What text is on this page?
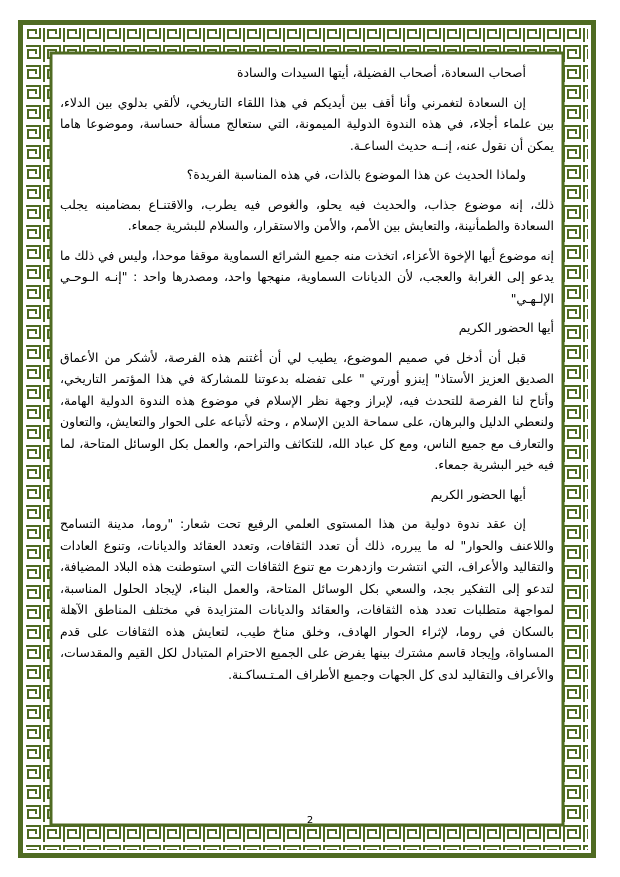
أصحاب السعادة، أصحاب الفضيلة، أيتها السيدات والسادة

إن السعادة لتغمرني وأنا أقف بين أيديكم في هذا اللقاء التاريخي، لألقي بدلوي بين الدلاء، بين علماء أجلاء، في هذه الندوة الدولية الميمونة، التي ستعالج مسألة حساسة، وموضوعا هاما يمكن أن نقول عنه، إنــه حديث الساعـة.

ولماذا الحديث عن هذا الموضوع بالذات، في هذه المناسبة الفريدة؟

ذلك، إنه موضوع جذاب، والحديث فيه يحلو، والغوص فيه يطرب، والاقتنـاع بمضامينه يجلب السعادة والطمأنينة، والتعايش بين الأمم، والأمن والاستقرار، والسلام للبشرية جمعاء.

إنه موضوع أيها الإخوة الأعزاء، اتخذت منه جميع الشرائع السماوية موقفا موحدا، وليس في ذلك ما يدعو إلى الغرابة والعجب، لأن الديانات السماوية، منهجها واحد، ومصدرها واحد : "إنـه الـوحـي الإلـهـي"

أيها الحضور الكريم

قبل أن أدخل في صميم الموضوع، يطيب لي أن أغتنم هذه الفرصة، لأشكر من الأعماق الصديق العزيز الأستاذ" إينزو أورتي " على تفضله بدعوتنا للمشاركة في هذا المؤتمر التاريخي، وأتاح لنا الفرصة للتحدث فيه، لإبراز وجهة نظر الإسلام في موضوع هذه الندوة الدولية الهامة، ولنعطي الدليل والبرهان، على سماحة الدين الإسلام ، وحثه لأتباعه على الحوار والتعايش، والتعاون والتعارف مع جميع الناس، ومع كل عباد الله، للتكاثف والتراحم، والعمل بكل الوسائل المتاحة، لما فيه خير البشرية جمعاء.

أيها الحضور الكريم

إن عقد ندوة دولية من هذا المستوى العلمي الرفيع تحت شعار: "روما، مدينة التسامح واللاعنف والحوار" له ما يبرره، ذلك أن تعدد الثقافات، وتعدد العقائد والديانات، وتنوع العادات والتقاليد والأعراف، التي انتشرت وازدهرت مع تنوع الثقافات التي استوطنت هذه البلاد المضيافة، لتدعو إلى التفكير بجد، والسعي بكل الوسائل المتاحة، والعمل البناء، لإيجاد الحلول المناسبة، لمواجهة متطلبات تعدد هذه الثقافات، والعقائد والديانات المتزايدة في مختلف المناطق الآهلة بالسكان في روما، لإثراء الحوار الهادف، وخلق مناخ طيب، لتعايش هذه الثقافات على قدم المساواة، وإيجاد قاسم مشترك بينها يفرض على الجميع الاحترام المتبادل لكل القيم والمقدسات، والأعراف والتقاليد لدى كل الجهات وجميع الأطراف المـتـساكـنة.

2
